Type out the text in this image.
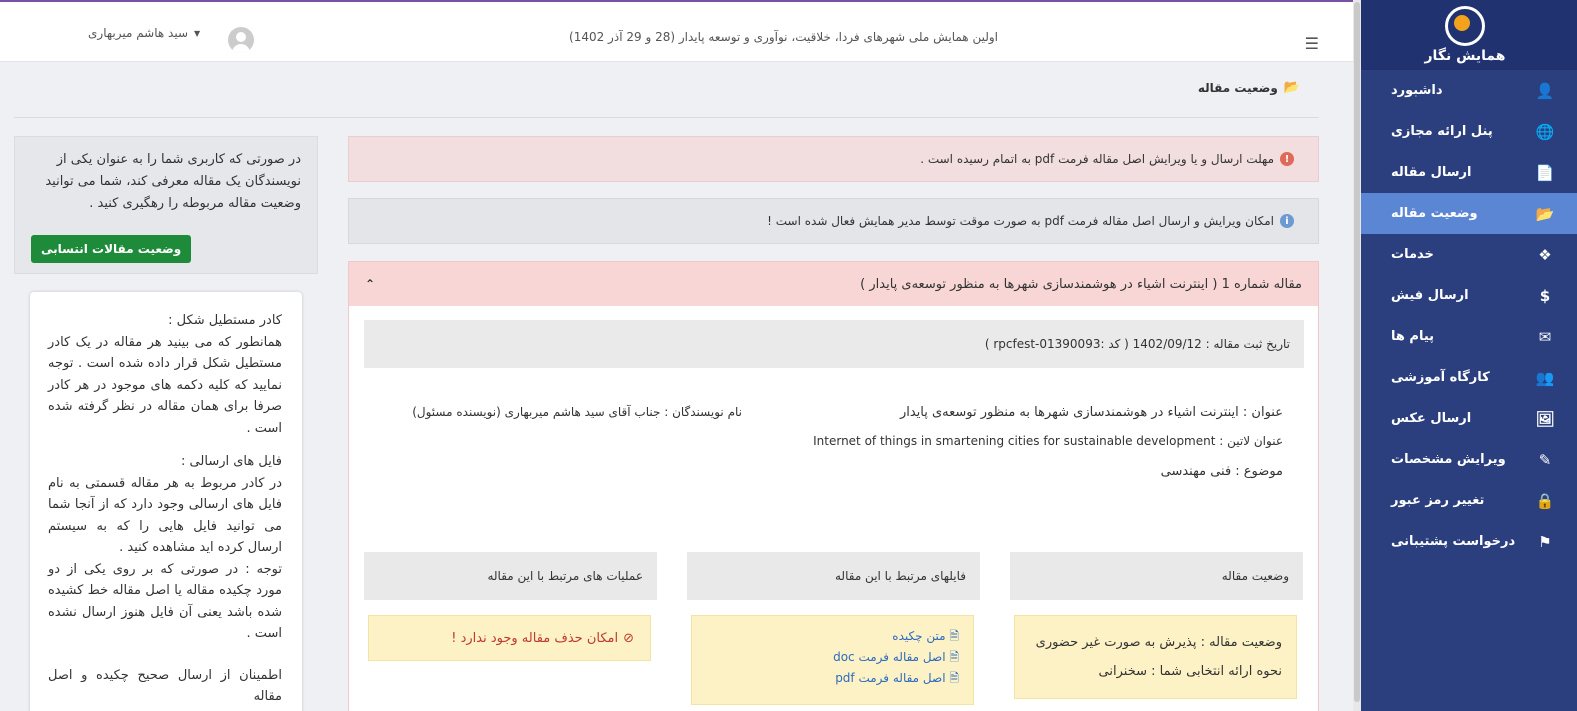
☰
اولین همایش ملی شهرهای فردا، خلاقیت، نوآوری و توسعه پایدار (28 و 29 آذر 1402)
▼
سید هاشم میربهاری
📂
وضعیت مقاله
!
مهلت ارسال و یا ویرایش اصل مقاله فرمت pdf به اتمام رسیده است .
i
امکان ویرایش و ارسال اصل مقاله فرمت pdf به صورت موقت توسط مدیر همایش فعال شده است !
مقاله شماره 1 ( اینترنت اشیاء در هوشمندسازی شهرها به منظور توسعه‌ی پایدار )
⌃
تاریخ ثبت مقاله : 1402/09/12 ( کد :rpcfest-01390093 )
عنوان : اینترنت اشیاء در هوشمندسازی شهرها به منظور توسعه‌ی پایدار
عنوان لاتین : Internet of things in smartening cities for sustainable development
موضوع : فنی مهندسی
نام نویسندگان : جناب آقای سید هاشم میربهاری (نویسنده مسئول)
وضعیت مقاله
فایلهای مرتبط با این مقاله
عملیات های مرتبط با این مقاله
وضعیت مقاله : پذیرش به صورت غیر حضوری
نحوه ارائه انتخابی شما : سخنرانی
🗎 متن چکیده
🗎 اصل مقاله فرمت doc
🗎 اصل مقاله فرمت pdf
⊘
امکان حذف مقاله وجود ندارد !
در صورتی که کاربری شما را به عنوان یکی از نویسندگان یک مقاله معرفی کند، شما می توانید وضعیت مقاله مربوطه را رهگیری کنید .
وضعیت مقالات انتسابی
کادر مستطیل شکل :

همانطور که می بینید هر مقاله در یک کادر مستطیل شکل قرار داده شده است . توجه نمایید که کلیه دکمه های موجود در هر کادر صرفا برای همان مقاله در نظر گرفته شده است .

فایل های ارسالی :
در کادر مربوط به هر مقاله قسمتی به نام فایل های ارسالی وجود دارد که از آنجا شما می توانید فایل هایی را که به سیستم ارسال کرده اید مشاهده کنید .

توجه : در صورتی که بر روی یکی از دو مورد چکیده مقاله یا اصل مقاله خط کشیده شده باشد یعنی آن فایل هنوز ارسال نشده است .

اطمینان از ارسال صحیح چکیده و اصل مقاله
همایش نگار
👤
داشبورد
🌐
پنل ارائه مجازی
📄
ارسال مقاله
📂
وضعیت مقاله
❖
خدمات
$
ارسال فیش
✉
پیام ها
👥
کارگاه آموزشی
🖼
ارسال عکس
✎
ویرایش مشخصات
🔒
تغییر رمز عبور
⚑
درخواست پشتیبانی
